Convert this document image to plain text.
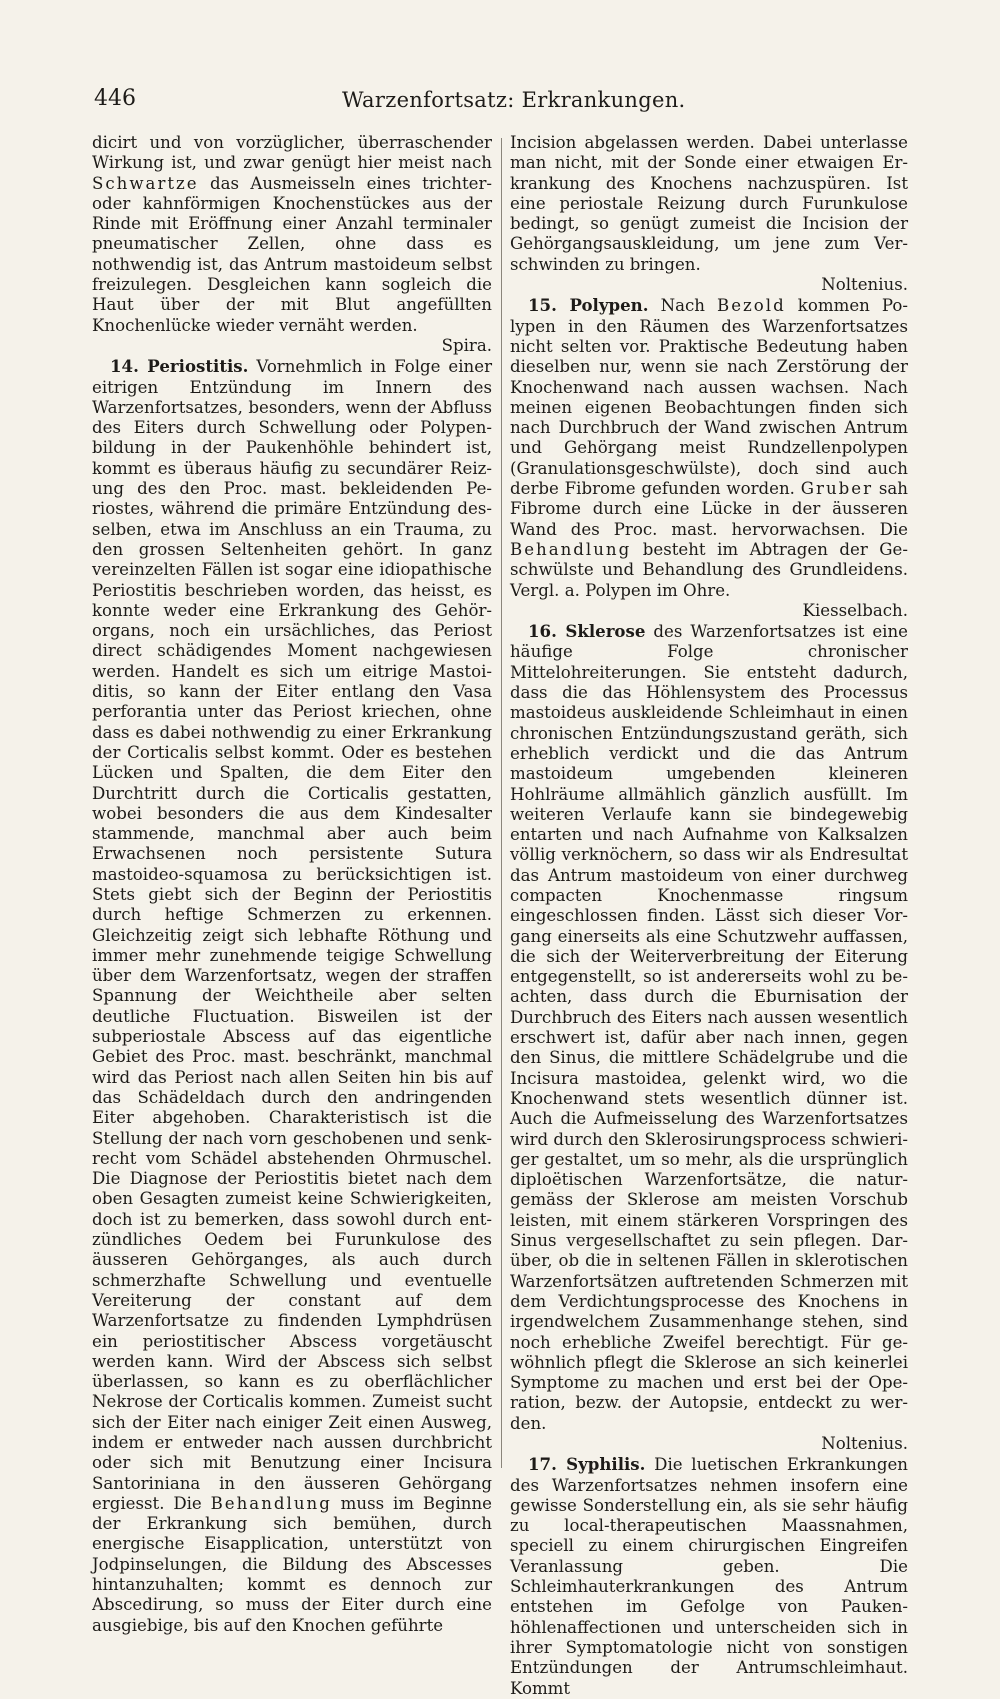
446	Warzenfortsatz: Erkrankungen.

dicirt und von vorzüglicher, überraschender Wirkung ist, und zwar genügt hier meist nach Schwartze das Ausmeisseln eines trichteroder kahnförmigen Knochenstückes aus der Rinde mit Eröffnung einer Anzahl terminaler pneumatischer Zellen, ohne dass es nothwendig ist, das Antrum mastoideum selbst freizulegen. Desgleichen kann sogleich die Haut über der mit Blut angefüllten Knochenlücke wieder vernäht werden.

Spira.

14. Periostitis. Vornehmlich in Folge einer eitrigen Entzündung im Innern des Warzenfortsatzes, besonders, wenn der Abfluss des Eiters durch Schwellung oder Polypenbildung in der Paukenhöhle behindert ist, kommt es überaus häufig zu secundärer Reizung des den Proc. mast. bekleidenden Periostes, während die primäre Entzündung desselben, etwa im Anschluss an ein Trauma, zu den grossen Seltenheiten gehört. In ganz vereinzelten Fällen ist sogar eine idiopathische Periostitis beschrieben worden, das heisst, es konnte weder eine Erkrankung des Gehörorgans, noch ein ursächliches, das Periost direct schädigendes Moment nachgewiesen werden. Handelt es sich um eitrige Mastoiditis, so kann der Eiter entlang den Vasa perforantia unter das Periost kriechen, ohne dass es dabei nothwendig zu einer Erkrankung der Corticalis selbst kommt. Oder es bestehen Lücken und Spalten, die dem Eiter den Durchtritt durch die Corticalis gestatten, wobei besonders die aus dem Kindesalter stammende, manchmal aber auch beim Erwachsenen noch persistente Sutura mastoideo-squamosa zu berücksichtigen ist. Stets giebt sich der Beginn der Periostitis durch heftige Schmerzen zu erkennen. Gleichzeitig zeigt sich lebhafte Röthung und immer mehr zunehmende teigige Schwellung über dem Warzenfortsatz, wegen der straffen Spannung der Weichtheile aber selten deutliche Fluctuation. Bisweilen ist der subperiostale Abscess auf das eigentliche Gebiet des Proc. mast. beschränkt, manchmal wird das Periost nach allen Seiten hin bis auf das Schädeldach durch den andringenden Eiter abgehoben. Charakteristisch ist die Stellung der nach vorn geschobenen und senkrecht vom Schädel abstehenden Ohrmuschel. Die Diagnose der Periostitis bietet nach dem oben Gesagten zumeist keine Schwierigkeiten, doch ist zu bemerken, dass sowohl durch entzündliches Oedem bei Furunkulose des äusseren Gehörganges, als auch durch schmerzhafte Schwellung und eventuelle Vereiterung der constant auf dem Warzenfortsatze zu findenden Lymphdrüsen ein periostitischer Abscess vorgetäuscht werden kann. Wird der Abscess sich selbst überlassen, so kann es zu oberflächlicher Nekrose der Corticalis kommen. Zumeist sucht sich der Eiter nach einiger Zeit einen Ausweg, indem er entweder nach aussen durchbricht oder sich mit Benutzung einer Incisura Santoriniana in den äusseren Gehörgang ergiesst. Die Behandlung muss im Beginne der Erkrankung sich bemühen, durch energische Eisapplication, unterstützt von Jodpinselungen, die Bildung des Abscesses hintanzuhalten; kommt es dennoch zur Abscedirung, so muss der Eiter durch eine ausgiebige, bis auf den Knochen geführte

Incision abgelassen werden. Dabei unterlasse man nicht, mit der Sonde einer etwaigen Erkrankung des Knochens nachzuspüren. Ist eine periostale Reizung durch Furunkulose bedingt, so genügt zumeist die Incision der Gehörgangsauskleidung, um jene zum Verschwinden zu bringen.

Noltenius.

15. Polypen. Nach Bezold kommen Polypen in den Räumen des Warzenfortsatzes nicht selten vor. Praktische Bedeutung haben dieselben nur, wenn sie nach Zerstörung der Knochenwand nach aussen wachsen. Nach meinen eigenen Beobachtungen finden sich nach Durchbruch der Wand zwischen Antrum und Gehörgang meist Rundzellenpolypen (Granulationsgeschwülste), doch sind auch derbe Fibrome gefunden worden. Gruber sah Fibrome durch eine Lücke in der äusseren Wand des Proc. mast. hervorwachsen. Die Behandlung besteht im Abtragen der Geschwülste und Behandlung des Grundleidens. Vergl. a. Polypen im Ohre.

Kiesselbach.

16. Sklerose des Warzenfortsatzes ist eine häufige Folge chronischer Mittelohreiterungen. Sie entsteht dadurch, dass die das Höhlensystem des Processus mastoideus auskleidende Schleimhaut in einen chronischen Entzündungszustand geräth, sich erheblich verdickt und die das Antrum mastoideum umgebenden kleineren Hohlräume allmählich gänzlich ausfüllt. Im weiteren Verlaufe kann sie bindegewebig entarten und nach Aufnahme von Kalksalzen völlig verknöchern, so dass wir als Endresultat das Antrum mastoideum von einer durchweg compacten Knochenmasse ringsum eingeschlossen finden. Lässt sich dieser Vorgang einerseits als eine Schutzwehr auffassen, die sich der Weiterverbreitung der Eiterung entgegenstellt, so ist andererseits wohl zu beachten, dass durch die Eburnisation der Durchbruch des Eiters nach aussen wesentlich erschwert ist, dafür aber nach innen, gegen den Sinus, die mittlere Schädelgrube und die Incisura mastoidea, gelenkt wird, wo die Knochenwand stets wesentlich dünner ist. Auch die Aufmeisselung des Warzenfortsatzes wird durch den Sklerosirungsprocess schwieriger gestaltet, um so mehr, als die ursprünglich diploëtischen Warzenfortsätze, die naturgemäss der Sklerose am meisten Vorschub leisten, mit einem stärkeren Vorspringen des Sinus vergesellschaftet zu sein pflegen. Darüber, ob die in seltenen Fällen in sklerotischen Warzenfortsätzen auftretenden Schmerzen mit dem Verdichtungsprocesse des Knochens in irgendwelchem Zusammenhange stehen, sind noch erhebliche Zweifel berechtigt. Für gewöhnlich pflegt die Sklerose an sich keinerlei Symptome zu machen und erst bei der Operation, bezw. der Autopsie, entdeckt zu werden.

Noltenius.

17. Syphilis. Die luetischen Erkrankungen des Warzenfortsatzes nehmen insofern eine gewisse Sonderstellung ein, als sie sehr häufig zu local-therapeutischen Maassnahmen, speciell zu einem chirurgischen Eingreifen Veranlassung geben. Die Schleimhauterkrankungen des Antrum entstehen im Gefolge von Paukenhöhlenaffectionen und unterscheiden sich in ihrer Symptomatologie nicht von sonstigen Entzündungen der Antrumschleimhaut. Kommt
